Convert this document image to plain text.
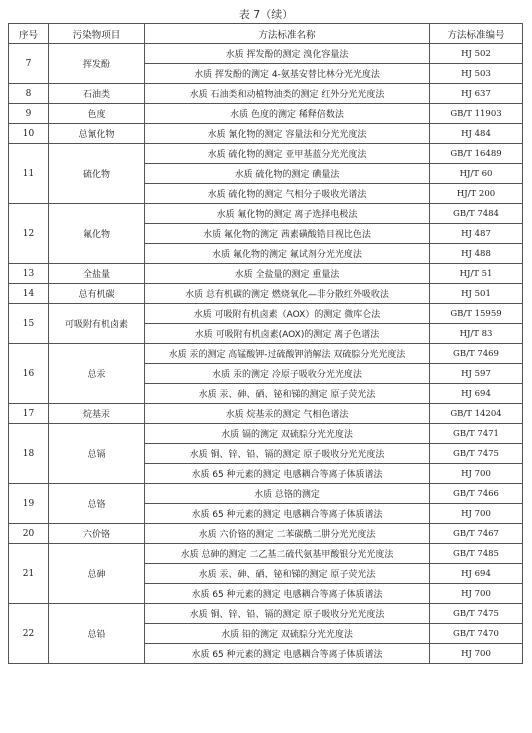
表 7（续）
序号	污染物项目	方法标准名称	方法标准编号
7	挥发酚	水质 挥发酚的测定 溴化容量法	HJ 502
		水质 挥发酚的测定 4-氨基安替比林分光光度法	HJ 503
8	石油类	水质 石油类和动植物油类的测定 红外分光光度法	HJ 637
9	色度	水质 色度的测定 稀释倍数法	GB/T 11903
10	总氰化物	水质 氰化物的测定 容量法和分光光度法	HJ 484
11	硫化物	水质 硫化物的测定 亚甲基蓝分光光度法	GB/T 16489
		水质 硫化物的测定 碘量法	HJ/T 60
		水质 硫化物的测定 气相分子吸收光谱法	HJ/T 200
12	氟化物	水质 氟化物的测定 离子选择电极法	GB/T 7484
		水质 氟化物的测定 茜素磺酸锆目视比色法	HJ 487
		水质 氟化物的测定 氟试剂分光光度法	HJ 488
13	全盐量	水质 全盐量的测定 重量法	HJ/T 51
14	总有机碳	水质 总有机碳的测定 燃烧氧化—非分散红外吸收法	HJ 501
15	可吸附有机卤素	水质 可吸附有机卤素（AOX）的测定 微库仑法	GB/T 15959
		水质 可吸附有机卤素(AOX)的测定 离子色谱法	HJ/T 83
16	总汞	水质 汞的测定 高锰酸钾-过硫酸钾消解法 双硫腙分光光度法	GB/T 7469
		水质 汞的测定 冷原子吸收分光光度法	HJ 597
		水质 汞、砷、硒、铋和锑的测定 原子荧光法	HJ 694
17	烷基汞	水质 烷基汞的测定 气相色谱法	GB/T 14204
18	总镉	水质 镉的测定 双硫腙分光光度法	GB/T 7471
		水质 铜、锌、铅、镉的测定 原子吸收分光光度法	GB/T 7475
		水质 65 种元素的测定 电感耦合等离子体质谱法	HJ 700
19	总铬	水质 总铬的测定	GB/T 7466
		水质 65 种元素的测定 电感耦合等离子体质谱法	HJ 700
20	六价铬	水质 六价铬的测定 二苯碳酰二肼分光光度法	GB/T 7467
21	总砷	水质 总砷的测定 二乙基二硫代氨基甲酸银分光光度法	GB/T 7485
		水质 汞、砷、硒、铋和锑的测定 原子荧光法	HJ 694
		水质 65 种元素的测定 电感耦合等离子体质谱法	HJ 700
22	总铅	水质 铜、锌、铅、镉的测定 原子吸收分光光度法	GB/T 7475
		水质 铅的测定 双硫腙分光光度法	GB/T 7470
		水质 65 种元素的测定 电感耦合等离子体质谱法	HJ 700
